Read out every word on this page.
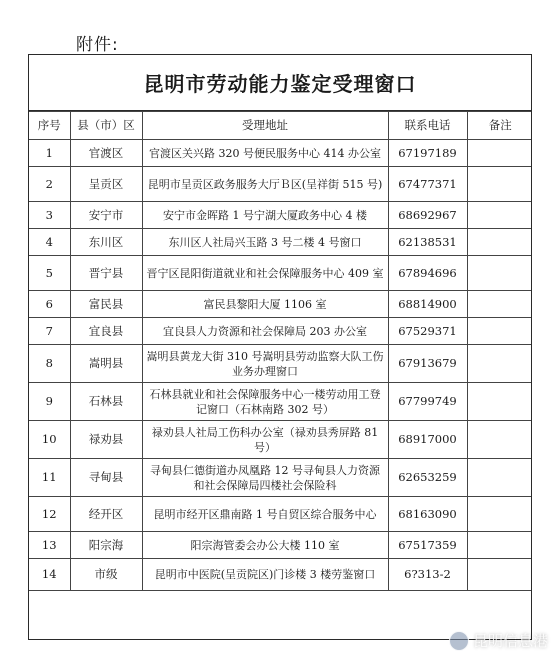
附件:
昆明市劳动能力鉴定受理窗口
序号	县（市）区	受理地址	联系电话	备注
1	官渡区	官渡区关兴路 320 号便民服务中心 414 办公室	67197189	
2	呈贡区	昆明市呈贡区政务服务大厅Ｂ区(呈祥街 515 号)	67477371	
3	安宁市	安宁市金晖路 1 号宁湖大厦政务中心 4 楼	68692967	
4	东川区	东川区人社局兴玉路 3 号二楼 4 号窗口	62138531	
5	晋宁县	晋宁区昆阳街道就业和社会保障服务中心 409 室	67894696	
6	富民县	富民县黎阳大厦 1106 室	68814900	
7	宜良县	宜良县人力资源和社会保障局 203 办公室	67529371	
8	嵩明县	嵩明县黄龙大街 310 号嵩明县劳动监察大队工伤业务办理窗口	67913679	
9	石林县	石林县就业和社会保障服务中心一楼劳动用工登记窗口（石林南路 302 号）	67799749	
10	禄劝县	禄劝县人社局工伤科办公室（禄劝县秀屏路 81 号）	68917000	
11	寻甸县	寻甸县仁德街道办凤凰路 12 号寻甸县人力资源和社会保障局四楼社会保险科	62653259	
12	经开区	昆明市经开区鼎南路 1 号自贸区综合服务中心	68163090	
13	阳宗海	阳宗海管委会办公大楼 110 室	67517359	
14	市级	昆明市中医院(呈贡院区)门诊楼 3 楼劳鉴窗口	6?313-2	
昆明信息港
